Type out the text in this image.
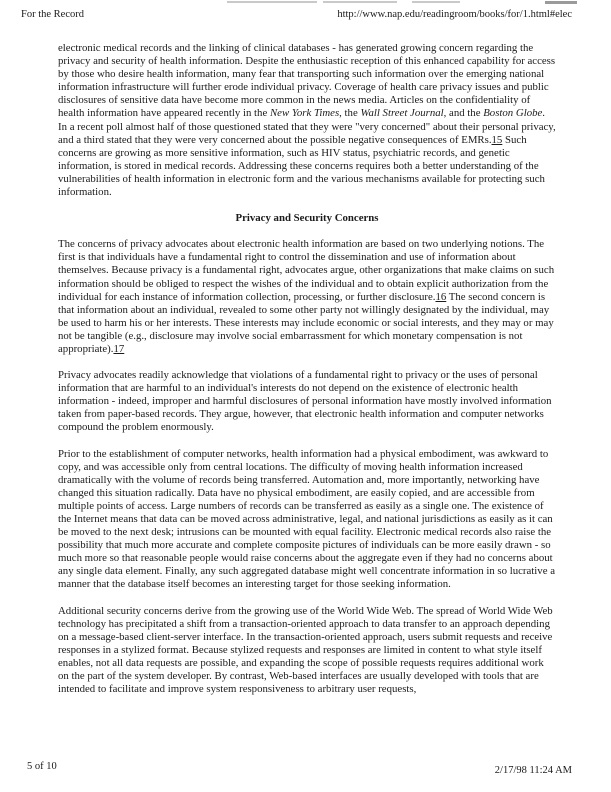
For the Record	http://www.nap.edu/readingroom/books/for/1.html#elec

electronic medical records and the linking of clinical databases - has generated growing concern regarding the privacy and security of health information. Despite the enthusiastic reception of this enhanced capability for access by those who desire health information, many fear that transporting such information over the emerging national information infrastructure will further erode individual privacy. Coverage of health care privacy issues and public disclosures of sensitive data have become more common in the news media. Articles on the confidentiality of health information have appeared recently in the New York Times, the Wall Street Journal, and the Boston Globe. In a recent poll almost half of those questioned stated that they were "very concerned" about their personal privacy, and a third stated that they were very concerned about the possible negative consequences of EMRs.15 Such concerns are growing as more sensitive information, such as HIV status, psychiatric records, and genetic information, is stored in medical records. Addressing these concerns requires both a better understanding of the vulnerabilities of health information in electronic form and the various mechanisms available for protecting such information.

Privacy and Security Concerns

The concerns of privacy advocates about electronic health information are based on two underlying notions. The first is that individuals have a fundamental right to control the dissemination and use of information about themselves. Because privacy is a fundamental right, advocates argue, other organizations that make claims on such information should be obliged to respect the wishes of the individual and to obtain explicit authorization from the individual for each instance of information collection, processing, or further disclosure.16 The second concern is that information about an individual, revealed to some other party not willingly designated by the individual, may be used to harm his or her interests. These interests may include economic or social interests, and they may or may not be tangible (e.g., disclosure may involve social embarrassment for which monetary compensation is not appropriate).17

Privacy advocates readily acknowledge that violations of a fundamental right to privacy or the uses of personal information that are harmful to an individual's interests do not depend on the existence of electronic health information - indeed, improper and harmful disclosures of personal information have mostly involved information taken from paper-based records. They argue, however, that electronic health information and computer networks compound the problem enormously.

Prior to the establishment of computer networks, health information had a physical embodiment, was awkward to copy, and was accessible only from central locations. The difficulty of moving health information increased dramatically with the volume of records being transferred. Automation and, more importantly, networking have changed this situation radically. Data have no physical embodiment, are easily copied, and are accessible from multiple points of access. Large numbers of records can be transferred as easily as a single one. The existence of the Internet means that data can be moved across administrative, legal, and national jurisdictions as easily as it can be moved to the next desk; intrusions can be mounted with equal facility. Electronic medical records also raise the possibility that much more accurate and complete composite pictures of individuals can be more easily drawn - so much more so that reasonable people would raise concerns about the aggregate even if they had no concerns about any single data element. Finally, any such aggregated database might well concentrate information in so lucrative a manner that the database itself becomes an interesting target for those seeking information.

Additional security concerns derive from the growing use of the World Wide Web. The spread of World Wide Web technology has precipitated a shift from a transaction-oriented approach to data transfer to an approach depending on a message-based client-server interface. In the transaction-oriented approach, users submit requests and receive responses in a stylized format. Because stylized requests and responses are limited in content to what style itself enables, not all data requests are possible, and expanding the scope of possible requests requires additional work on the part of the system developer. By contrast, Web-based interfaces are usually developed with tools that are intended to facilitate and improve system responsiveness to arbitrary user requests,

5 of 10	2/17/98 11:24 AM
